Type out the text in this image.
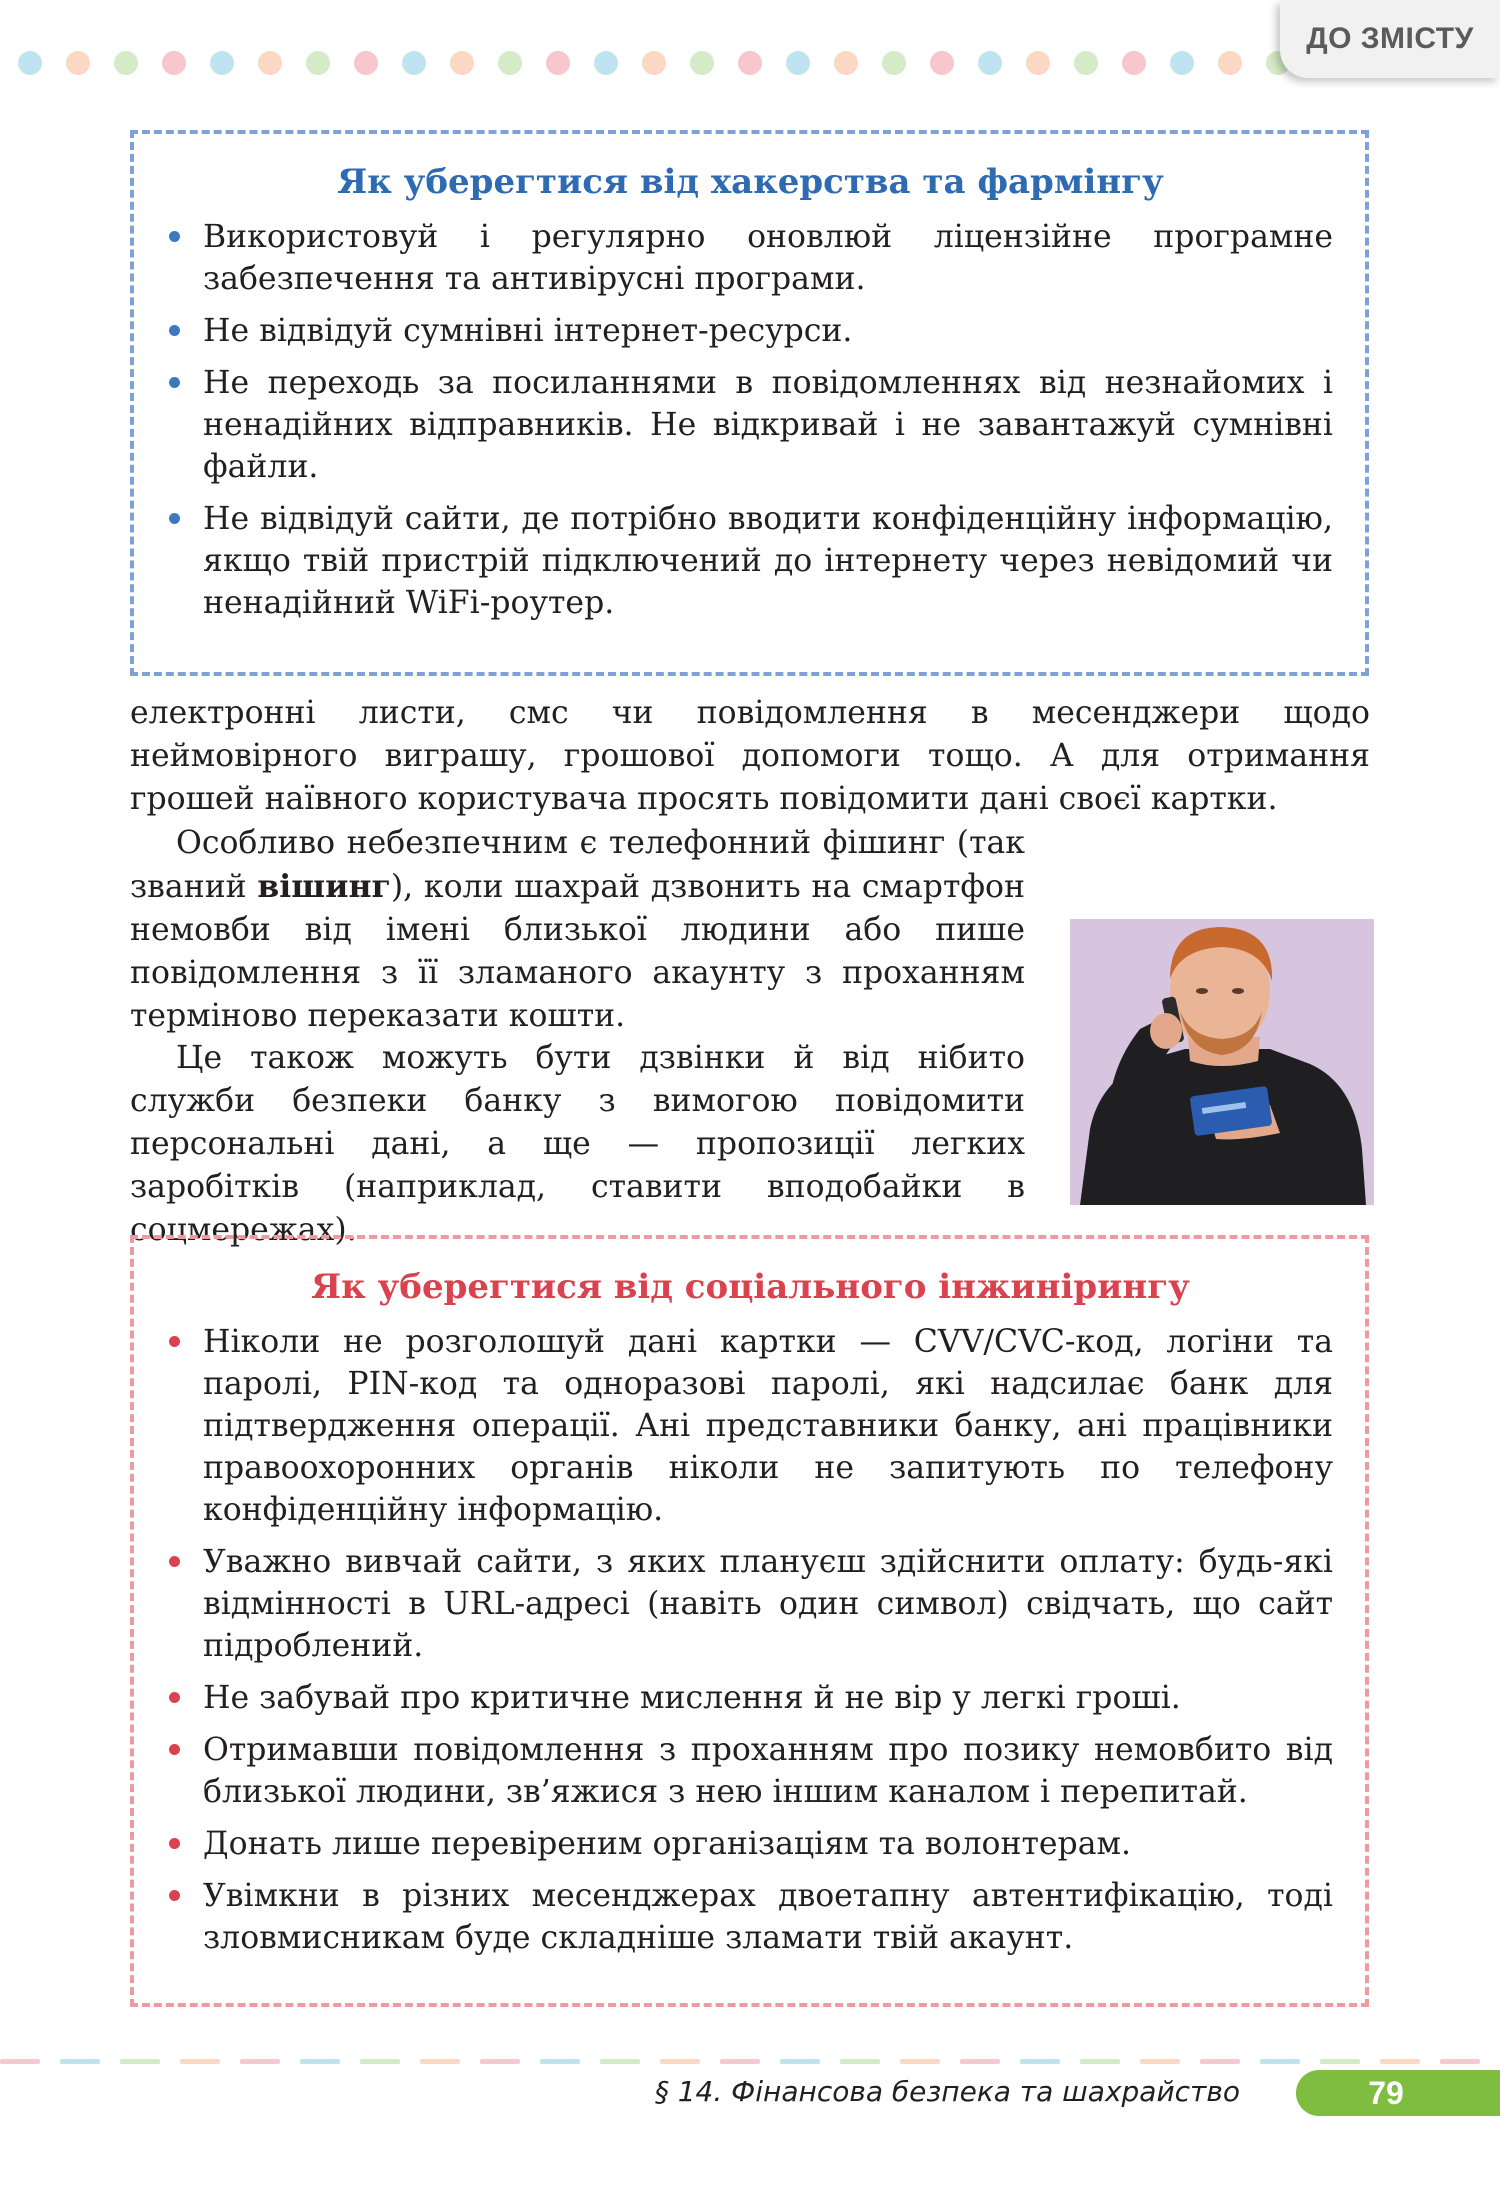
ДО ЗМІСТУ
Як уберегтися від хакерства та фармінгу
Використовуй і регулярно оновлюй ліцензійне програмне забезпечення та антивірусні програми.
Не відвідуй сумнівні інтернет-ресурси.
Не переходь за посиланнями в повідомленнях від незнайомих і ненадійних відправників. Не відкривай і не завантажуй сумнівні файли.
Не відвідуй сайти, де потрібно вводити конфіденційну інформацію, якщо твій пристрій підключений до інтернету через невідомий чи ненадійний WiFi-роутер.
електронні листи, смс чи повідомлення в месенджери щодо неймовірного виграшу, грошової допомоги тощо. А для отримання грошей наївного користувача просять повідомити дані своєї картки.
Особливо небезпечним є телефонний фішинг (так званий вішинг), коли шахрай дзвонить на смартфон немовби від імені близької людини або пише повідомлення з її зламаного акаунту з проханням терміново переказати кошти.
Це також можуть бути дзвінки й від нібито служби безпеки банку з вимогою повідомити персональні дані, а ще — пропозиції легких заробітків (наприклад, ставити вподобайки в соцмережах).
Як уберегтися від соціального інжинірингу
Ніколи не розголошуй дані картки — CVV/CVC-код, логіни та паролі, PIN-код та одноразові паролі, які надсилає банк для підтвердження операції. Ані представники банку, ані працівники правоохоронних органів ніколи не запитують по телефону конфіденційну інформацію.
Уважно вивчай сайти, з яких плануєш здійснити оплату: будь-які відмінності в URL-адресі (навіть один символ) свідчать, що сайт підроблений.
Не забувай про критичне мислення й не вір у легкі гроші.
Отримавши повідомлення з проханням про позику немовбито від близької людини, зв’яжися з нею іншим каналом і перепитай.
Донать лише перевіреним організаціям та волонтерам.
Увімкни в різних месенджерах двоетапну автентифікацію, тоді зловмисникам буде складніше зламати твій акаунт.
§ 14. Фінансова безпека та шахрайство	79
